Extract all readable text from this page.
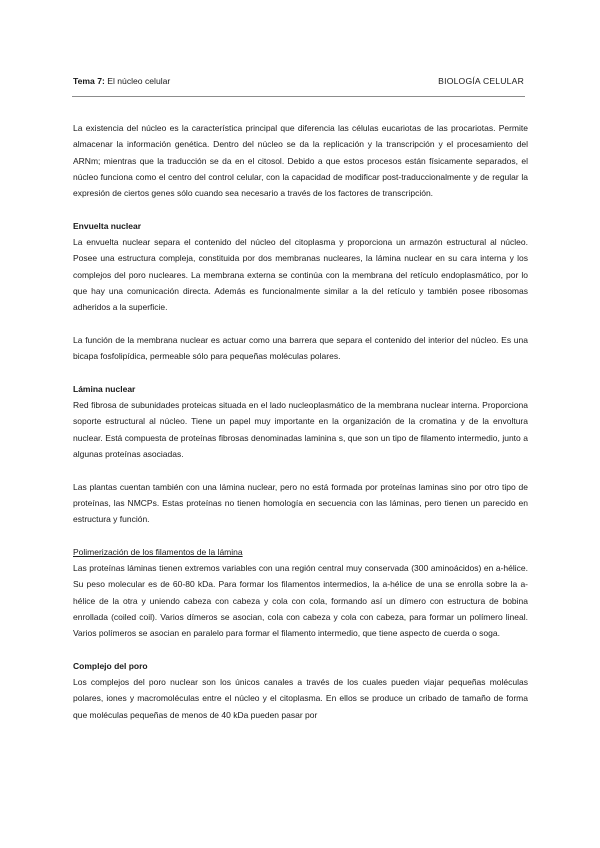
Tema 7: El núcleo celular	BIOLOGÍA CELULAR

La existencia del núcleo es la característica principal que diferencia las células eucariotas de las procariotas. Permite almacenar la información genética. Dentro del núcleo se da la replicación y la transcripción y el procesamiento del ARNm; mientras que la traducción se da en el citosol. Debido a que estos procesos están físicamente separados, el núcleo funciona como el centro del control celular, con la capacidad de modificar post-traduccionalmente y de regular la expresión de ciertos genes sólo cuando sea necesario a través de los factores de transcripción.

Envuelta nuclear

La envuelta nuclear separa el contenido del núcleo del citoplasma y proporciona un armazón estructural al núcleo. Posee una estructura compleja, constituida por dos membranas nucleares, la lámina nuclear en su cara interna y los complejos del poro nucleares. La membrana externa se continúa con la membrana del retículo endoplasmático, por lo que hay una comunicación directa. Además es funcionalmente similar a la del retículo y también posee ribosomas adheridos a la superficie.

La función de la membrana nuclear es actuar como una barrera que separa el contenido del interior del núcleo. Es una bicapa fosfolipídica, permeable sólo para pequeñas moléculas polares.

Lámina nuclear

Red fibrosa de subunidades proteicas situada en el lado nucleoplasmático de la membrana nuclear interna. Proporciona soporte estructural al núcleo. Tiene un papel muy importante en la organización de la cromatina y de la envoltura nuclear. Está compuesta de proteínas fibrosas denominadas laminina s, que son un tipo de filamento intermedio, junto a algunas proteínas asociadas.

Las plantas cuentan también con una lámina nuclear, pero no está formada por proteínas laminas sino por otro tipo de proteínas, las NMCPs. Estas proteínas no tienen homología en secuencia con las láminas, pero tienen un parecido en estructura y función.

Polimerización de los filamentos de la lámina

Las proteínas láminas tienen extremos variables con una región central muy conservada (300 aminoácidos) en a-hélice. Su peso molecular es de 60-80 kDa. Para formar los filamentos intermedios, la a-hélice de una se enrolla sobre la a-hélice de la otra y uniendo cabeza con cabeza y cola con cola, formando así un dímero con estructura de bobina enrollada (coiled coil). Varios dímeros se asocian, cola con cabeza y cola con cabeza, para formar un polímero lineal. Varios polímeros se asocian en paralelo para formar el filamento intermedio, que tiene aspecto de cuerda o soga.

Complejo del poro

Los complejos del poro nuclear son los únicos canales a través de los cuales pueden viajar pequeñas moléculas polares, iones y macromoléculas entre el núcleo y el citoplasma. En ellos se produce un cribado de tamaño de forma que moléculas pequeñas de menos de 40 kDa pueden pasar por
